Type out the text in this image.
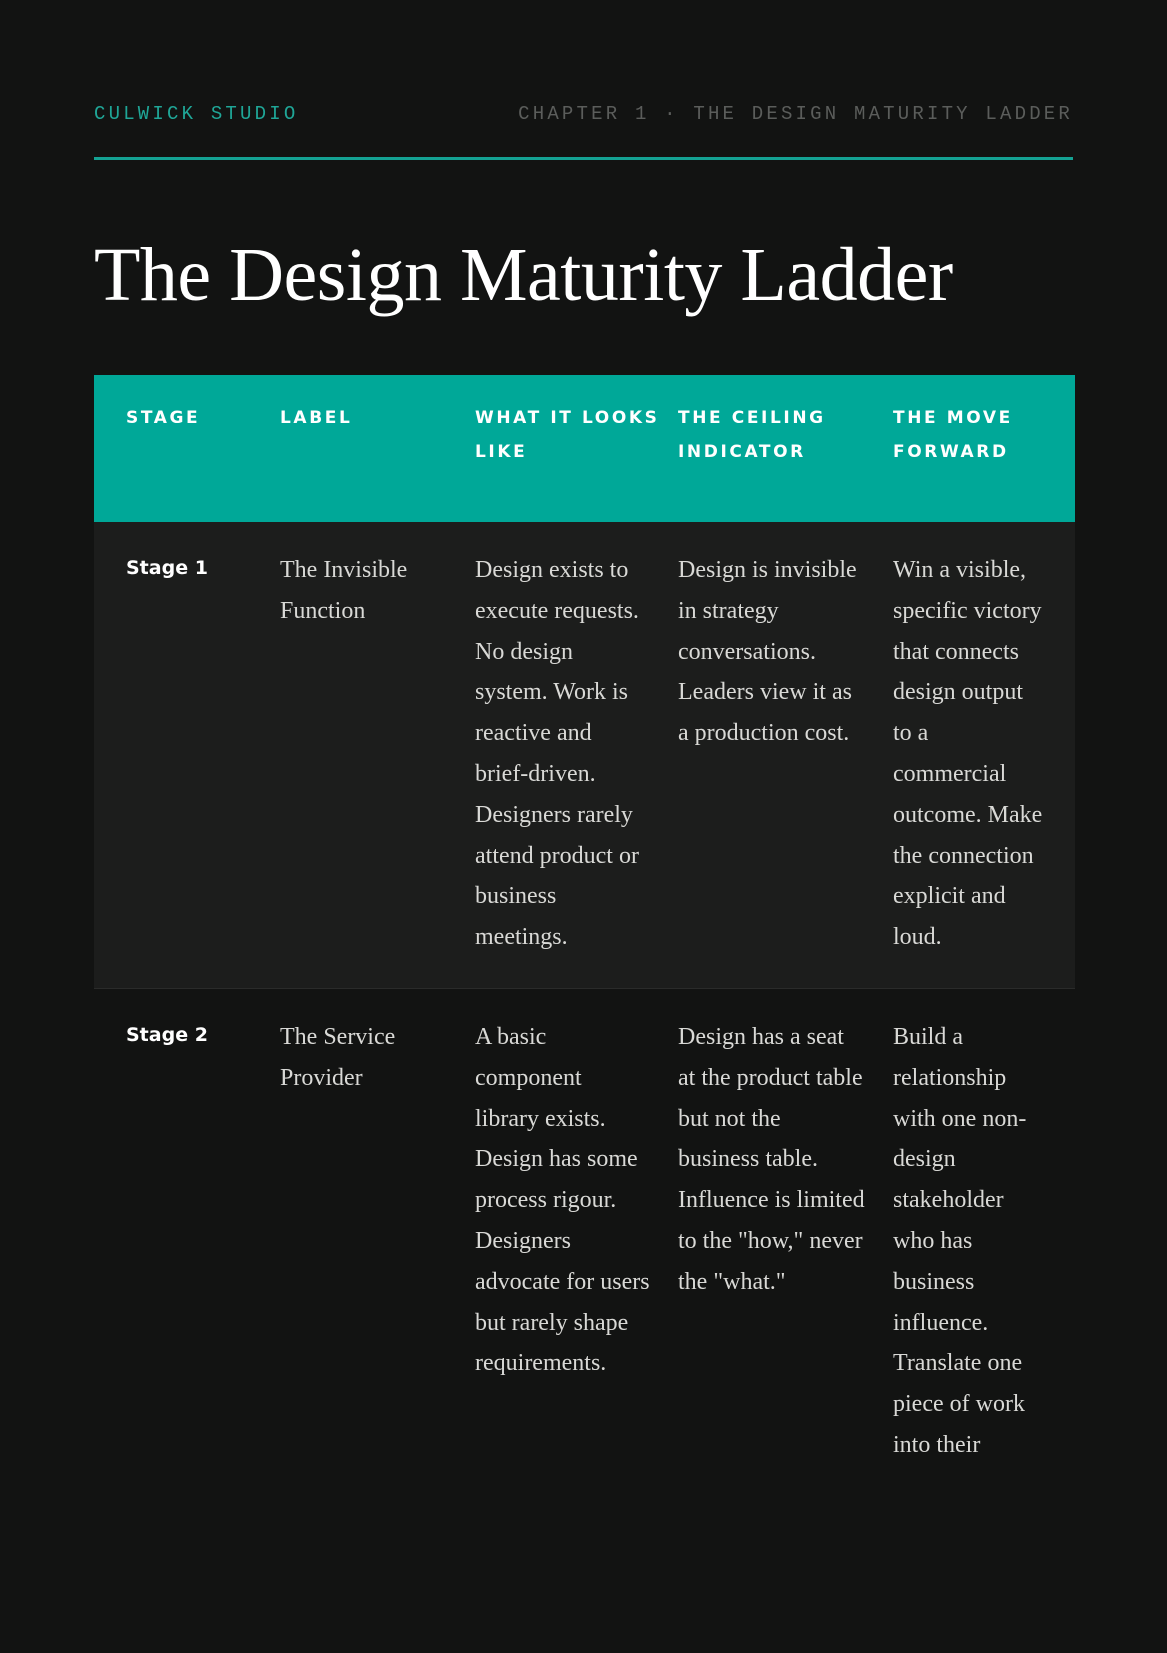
CULWICK STUDIO	CHAPTER 1 · THE DESIGN MATURITY LADDER
The Design Maturity Ladder
STAGE	LABEL	WHAT IT LOOKS LIKE	THE CEILING INDICATOR	THE MOVE FORWARD
Stage 1	The Invisible Function	Design exists to execute requests. No design system. Work is reactive and brief-driven. Designers rarely attend product or business meetings.	Design is invisible in strategy conversations. Leaders view it as a production cost.	Win a visible, specific victory that connects design output to a commercial outcome. Make the connection explicit and loud.
Stage 2	The Service Provider	A basic component library exists. Design has some process rigour. Designers advocate for users but rarely shape requirements.	Design has a seat at the product table but not the business table. Influence is limited to the "how," never the "what."	Build a relationship with one non-design stakeholder who has business influence. Translate one piece of work into their
